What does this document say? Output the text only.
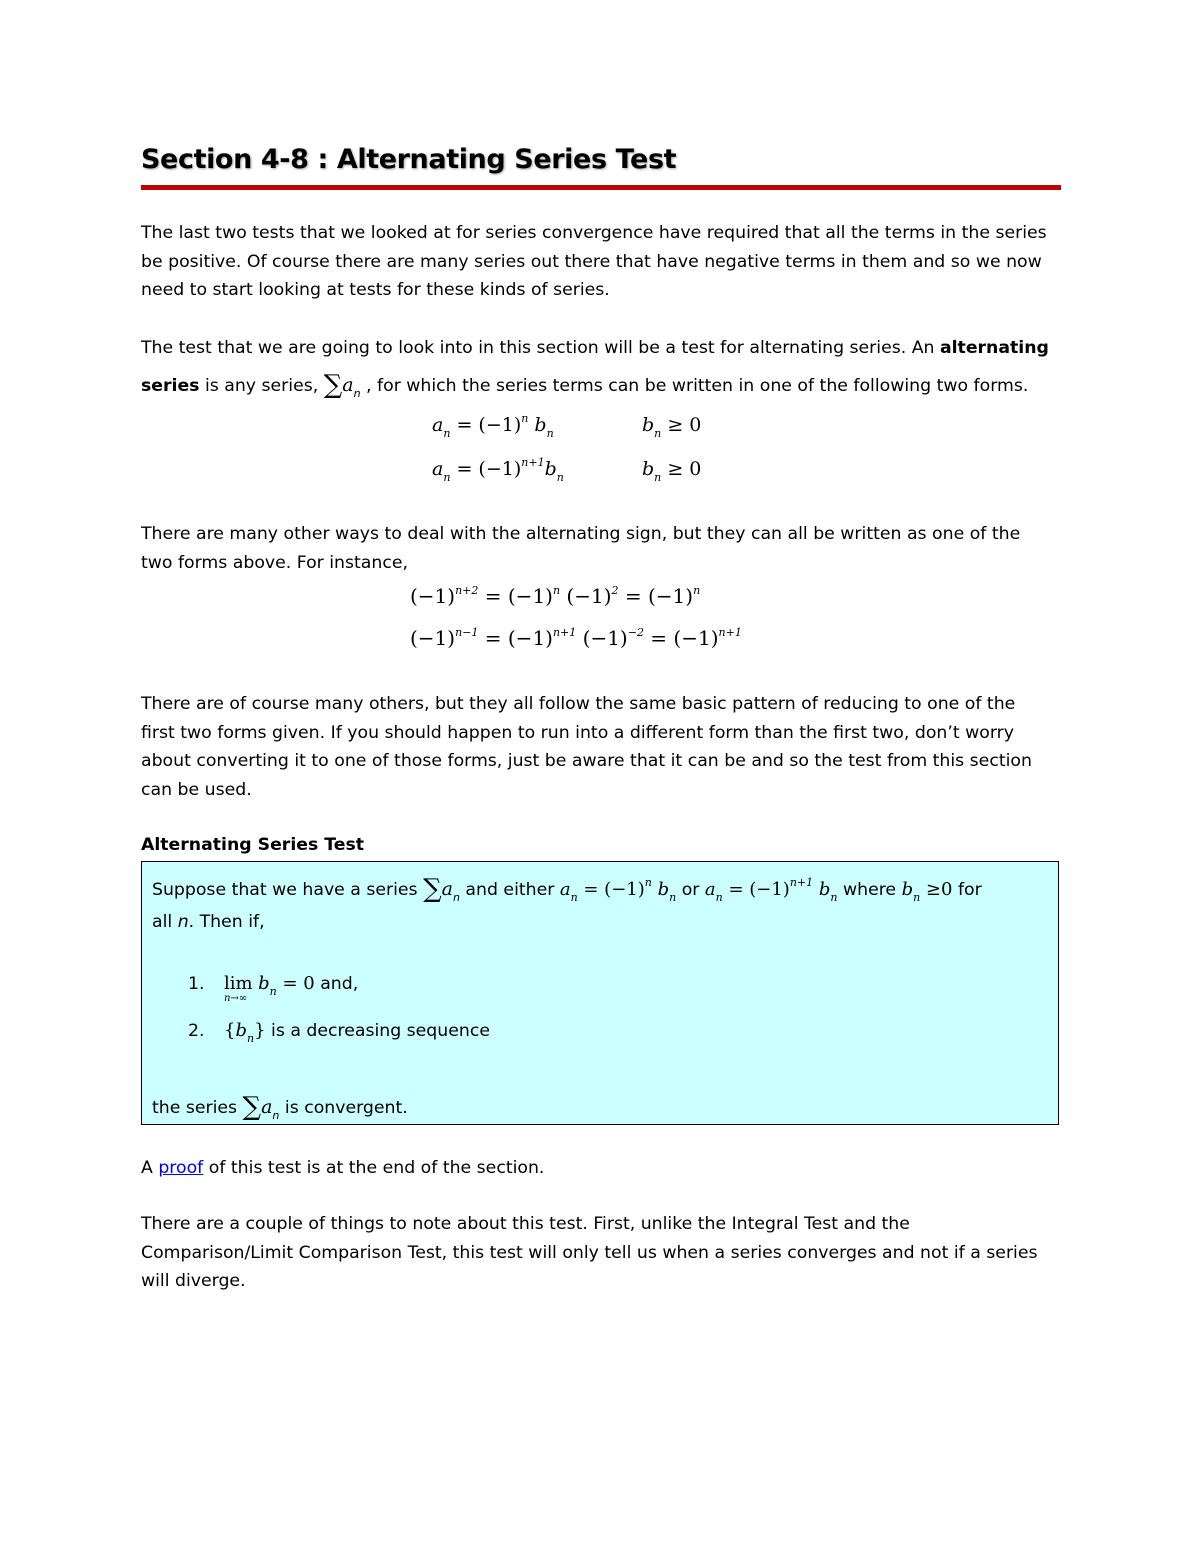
Section 4-8 : Alternating Series Test
The last two tests that we looked at for series convergence have required that all the terms in the series
be positive. Of course there are many series out there that have negative terms in them and so we now
need to start looking at tests for these kinds of series.
The test that we are going to look into in this section will be a test for alternating series. An alternating
series is any series, $\sum a_n$ , for which the series terms can be written in one of the following two forms.
$a_n = (-1)^n$ $b_n$	$b_n \ge 0$
$a_n = (-1)^{n+1}b_n$	$b_n \ge 0$
There are many other ways to deal with the alternating sign, but they can all be written as one of the
two forms above. For instance,
$(-1)^{n+2} = (-1)^n$ $(-1)^2 = (-1)^n$
$(-1)^{n-1} = (-1)^{n+1}$ $(-1)^{-2} = (-1)^{n+1}$
There are of course many others, but they all follow the same basic pattern of reducing to one of the
first two forms given. If you should happen to run into a different form than the first two, don’t worry
about converting it to one of those forms, just be aware that it can be and so the test from this section
can be used.
Alternating Series Test
Suppose that we have a series $\sum a_n$ and either $a_n = (-1)^n$ $b_n$ or $a_n = (-1)^{n+1}$ $b_n$ where $b_n \ge 0$ for
all n. Then if,
1. lim
n→∞
$b_n = 0$ and,
2. $\{b_n\}$ is a decreasing sequence
the series $\sum a_n$ is convergent.
A proof of this test is at the end of the section.
There are a couple of things to note about this test. First, unlike the Integral Test and the
Comparison/Limit Comparison Test, this test will only tell us when a series converges and not if a series
will diverge.
